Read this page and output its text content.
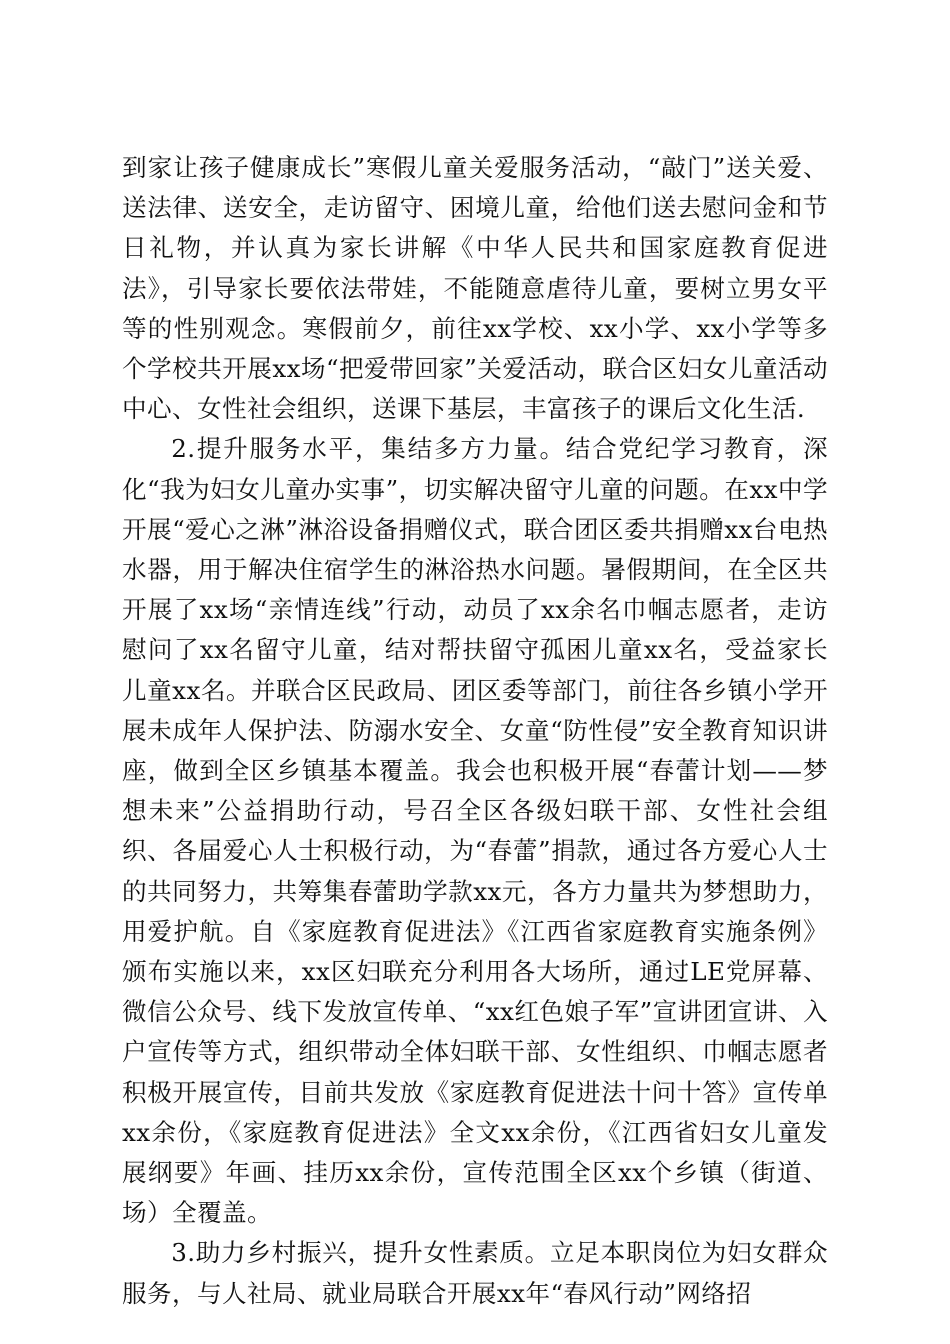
到家让孩子健康成长”寒假儿童关爱服务活动，“敲门”送关爱、送法律、送安全，走访留守、困境儿童，给他们送去慰问金和节日礼物，并认真为家长讲解《中华人民共和国家庭教育促进法》，引导家长要依法带娃，不能随意虐待儿童，要树立男女平等的性别观念。寒假前夕，前往xx学校、xx小学、xx小学等多个学校共开展xx场“把爱带回家”关爱活动，联合区妇女儿童活动中心、女性社会组织，送课下基层，丰富孩子的课后文化生活.

2.提升服务水平，集结多方力量。结合党纪学习教育，深化“我为妇女儿童办实事”，切实解决留守儿童的问题。在xx中学开展“爱心之淋”淋浴设备捐赠仪式，联合团区委共捐赠xx台电热水器，用于解决住宿学生的淋浴热水问题。暑假期间，在全区共开展了xx场“亲情连线”行动，动员了xx余名巾帼志愿者，走访慰问了xx名留守儿童，结对帮扶留守孤困儿童xx名，受益家长儿童xx名。并联合区民政局、团区委等部门，前往各乡镇小学开展未成年人保护法、防溺水安全、女童“防性侵”安全教育知识讲座，做到全区乡镇基本覆盖。我会也积极开展“春蕾计划——梦想未来”公益捐助行动，号召全区各级妇联干部、女性社会组织、各届爱心人士积极行动，为“春蕾”捐款，通过各方爱心人士的共同努力，共筹集春蕾助学款xx元，各方力量共为梦想助力，用爱护航。自《家庭教育促进法》《江西省家庭教育实施条例》颁布实施以来，xx区妇联充分利用各大场所，通过LE党屏幕、微信公众号、线下发放宣传单、“xx红色娘子军”宣讲团宣讲、入户宣传等方式，组织带动全体妇联干部、女性组织、巾帼志愿者积极开展宣传，目前共发放《家庭教育促进法十问十答》宣传单xx余份，《家庭教育促进法》全文xx余份，《江西省妇女儿童发展纲要》年画、挂历xx余份，宣传范围全区xx个乡镇（街道、场）全覆盖。

3.助力乡村振兴，提升女性素质。立足本职岗位为妇女群众服务，与人社局、就业局联合开展xx年“春风行动”网络招
